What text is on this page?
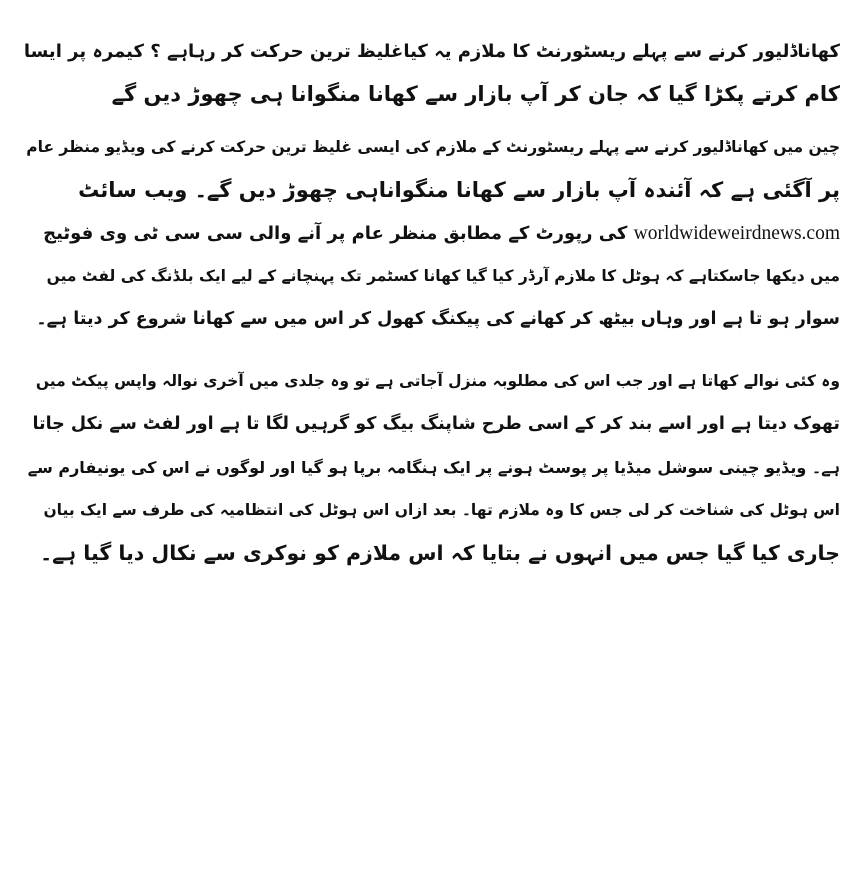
کھاناڈلیور کرنے سے پہلے ریسٹورنٹ کا ملازم یہ کیاغلیظ ترین حرکت کر رہاہے ؟ کیمرہ پر ایسا
کام کرتے پکڑا گیا کہ جان کر آپ بازار سے کھانا منگوانا ہی چھوڑ دیں گے
چین میں کھاناڈلیور کرنے سے پہلے ریسٹورنٹ کے ملازم کی ایسی غلیظ ترین حرکت کرنے کی ویڈیو منظر عام
پر آگئی ہے کہ آئندہ آپ بازار سے کھانا منگواناہی چھوڑ دیں گے۔ ویب سائٹ
worldwideweirdnews.com کی رپورٹ کے مطابق منظر عام پر آنے والی سی سی ٹی وی فوٹیج
میں دیکھا جاسکتاہے کہ ہوٹل کا ملازم آرڈر کیا گیا کھانا کسٹمر تک پہنچانے کے لیے ایک بلڈنگ کی لفٹ میں
سوار ہو تا ہے اور وہاں بیٹھ کر کھانے کی پیکنگ کھول کر اس میں سے کھانا شروع کر دیتا ہے۔
وہ کئی نوالے کھاتا ہے اور جب اس کی مطلوبہ منزل آجاتی ہے تو وہ جلدی میں آخری نوالہ واپس پیکٹ میں
تھوک دیتا ہے اور اسے بند کر کے اسی طرح شاپنگ بیگ کو گرہیں لگا تا ہے اور لفٹ سے نکل جاتا
ہے۔ ویڈیو چینی سوشل میڈیا پر پوسٹ ہونے پر ایک ہنگامہ برپا ہو گیا اور لوگوں نے اس کی یونیفارم سے
اس ہوٹل کی شناخت کر لی جس کا وہ ملازم تھا۔ بعد ازاں اس ہوٹل کی انتظامیہ کی طرف سے ایک بیان
جاری کیا گیا جس میں انہوں نے بتایا کہ اس ملازم کو نوکری سے نکال دیا گیا ہے۔
